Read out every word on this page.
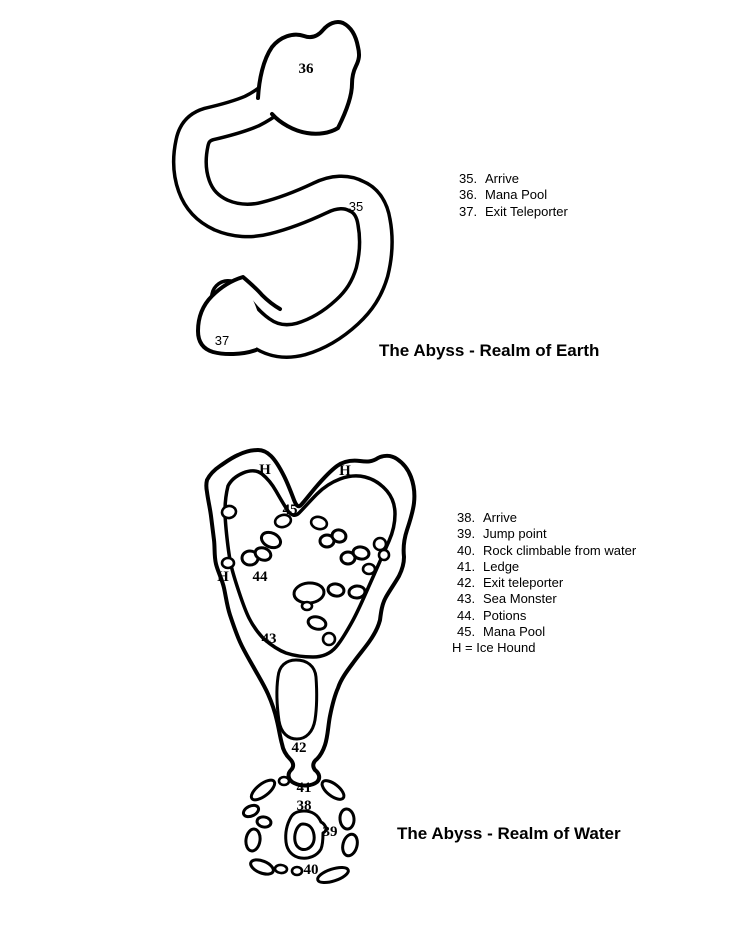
36
35
37
H	H
H
45
44
43
42
41
38
39
40
35. Arrive
36. Mana Pool
37. Exit Teleporter
The Abyss - Realm of Earth
38. Arrive
39. Jump point
40. Rock climbable from water
41. Ledge
42. Exit teleporter
43. Sea Monster
44. Potions
45. Mana Pool
H = Ice Hound
The Abyss - Realm of Water
